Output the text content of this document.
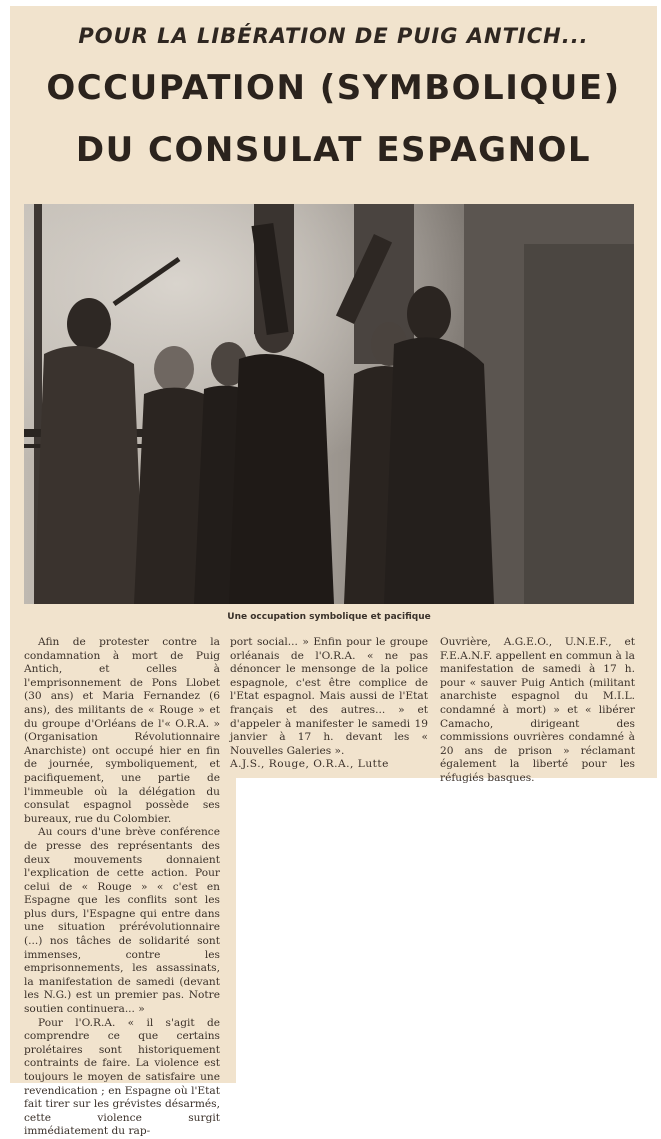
POUR LA LIBÉRATION DE PUIG ANTICH...
OCCUPATION (SYMBOLIQUE)
DU CONSULAT ESPAGNOL
Une occupation symbolique et pacifique

Afin de protester contre la condamnation à mort de Puig Antich, et celles à l'emprisonnement de Pons Llobet (30 ans) et Maria Fernandez (6 ans), des militants de « Rouge » et du groupe d'Orléans de l'« O.R.A. » (Organisation Révolutionnaire Anarchiste) ont occupé hier en fin de journée, symboliquement, et pacifiquement, une partie de l'immeuble où la délégation du consulat espagnol possède ses bureaux, rue du Colombier.

Au cours d'une brève conférence de presse des représentants des deux mouvements donnaient l'explication de cette action. Pour celui de « Rouge » « c'est en Espagne que les conflits sont les plus durs, l'Espagne qui entre dans une situation prérévolutionnaire (...) nos tâches de solidarité sont immenses, contre les emprisonnements, les assassinats, la manifestation de samedi (devant les N.G.) est un premier pas. Notre soutien continuera... »

Pour l'O.R.A. « il s'agit de comprendre ce que certains prolétaires sont historiquement contraints de faire. La violence est toujours le moyen de satisfaire une revendication ; en Espagne où l'Etat fait tirer sur les grévistes désarmés, cette violence surgit immédiatement du rap-

port social... » Enfin pour le groupe orléanais de l'O.R.A. « ne pas dénoncer le mensonge de la police espagnole, c'est être complice de l'Etat espagnol. Mais aussi de l'Etat français et des autres... » et d'appeler à manifester le samedi 19 janvier à 17 h. devant les « Nouvelles Galeries ».

A.J.S., Rouge, O.R.A., Lutte

Ouvrière, A.G.E.O., U.N.E.F., et F.E.A.N.F. appellent en commun à la manifestation de samedi à 17 h. pour « sauver Puig Antich (militant anarchiste espagnol du M.I.L. condamné à mort) » et « libérer Camacho, dirigeant des commissions ouvrières condamné à 20 ans de prison » réclamant également la liberté pour les réfugiés basques.
